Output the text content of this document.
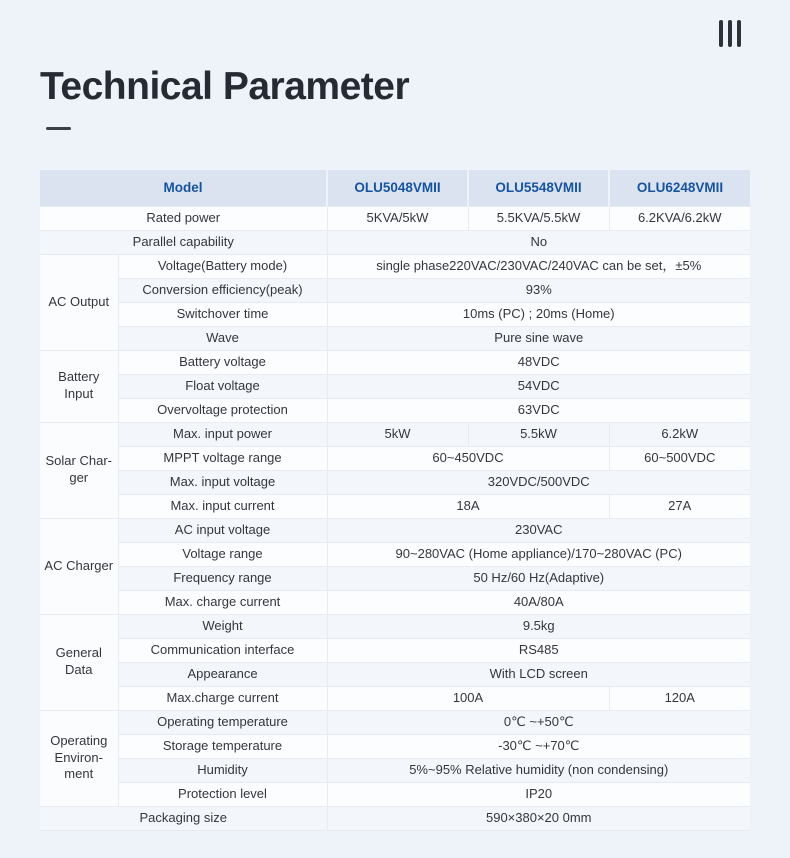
Technical Parameter
Model		OLU5048VMII	OLU5548VMII	OLU6248VMII
Rated power		5KVA/5kW	5.5KVA/5.5kW	6.2KVA/6.2kW
Parallel capability		No		
AC Output	Voltage(Battery mode)	single phase220VAC/230VAC/240VAC can be set，±5%		
	Conversion efficiency(peak)	93%		
	Switchover time	10ms (PC) ; 20ms (Home)		
	Wave	Pure sine wave		
Battery Input	Battery voltage	48VDC		
	Float voltage	54VDC		
	Overvoltage protection	63VDC		
Solar Char-ger	Max. input power	5kW	5.5kW	6.2kW
	MPPT voltage range	60~450VDC		60~500VDC
	Max. input voltage	320VDC/500VDC		
	Max. input current	18A		27A
AC Charger	AC input voltage	230VAC		
	Voltage range	90~280VAC (Home appliance)/170~280VAC (PC)		
	Frequency range	50 Hz/60 Hz(Adaptive)		
	Max. charge current	40A/80A		
General Data	Weight	9.5kg		
	Communication interface	RS485		
	Appearance	With LCD screen		
	Max.charge current	100A		120A
Operating Environ-ment	Operating temperature	0℃ ~+50℃		
	Storage temperature	-30℃ ~+70℃		
	Humidity	5%~95% Relative humidity (non condensing)		
	Protection level	IP20		
Packaging size		590×380×20 0mm		
